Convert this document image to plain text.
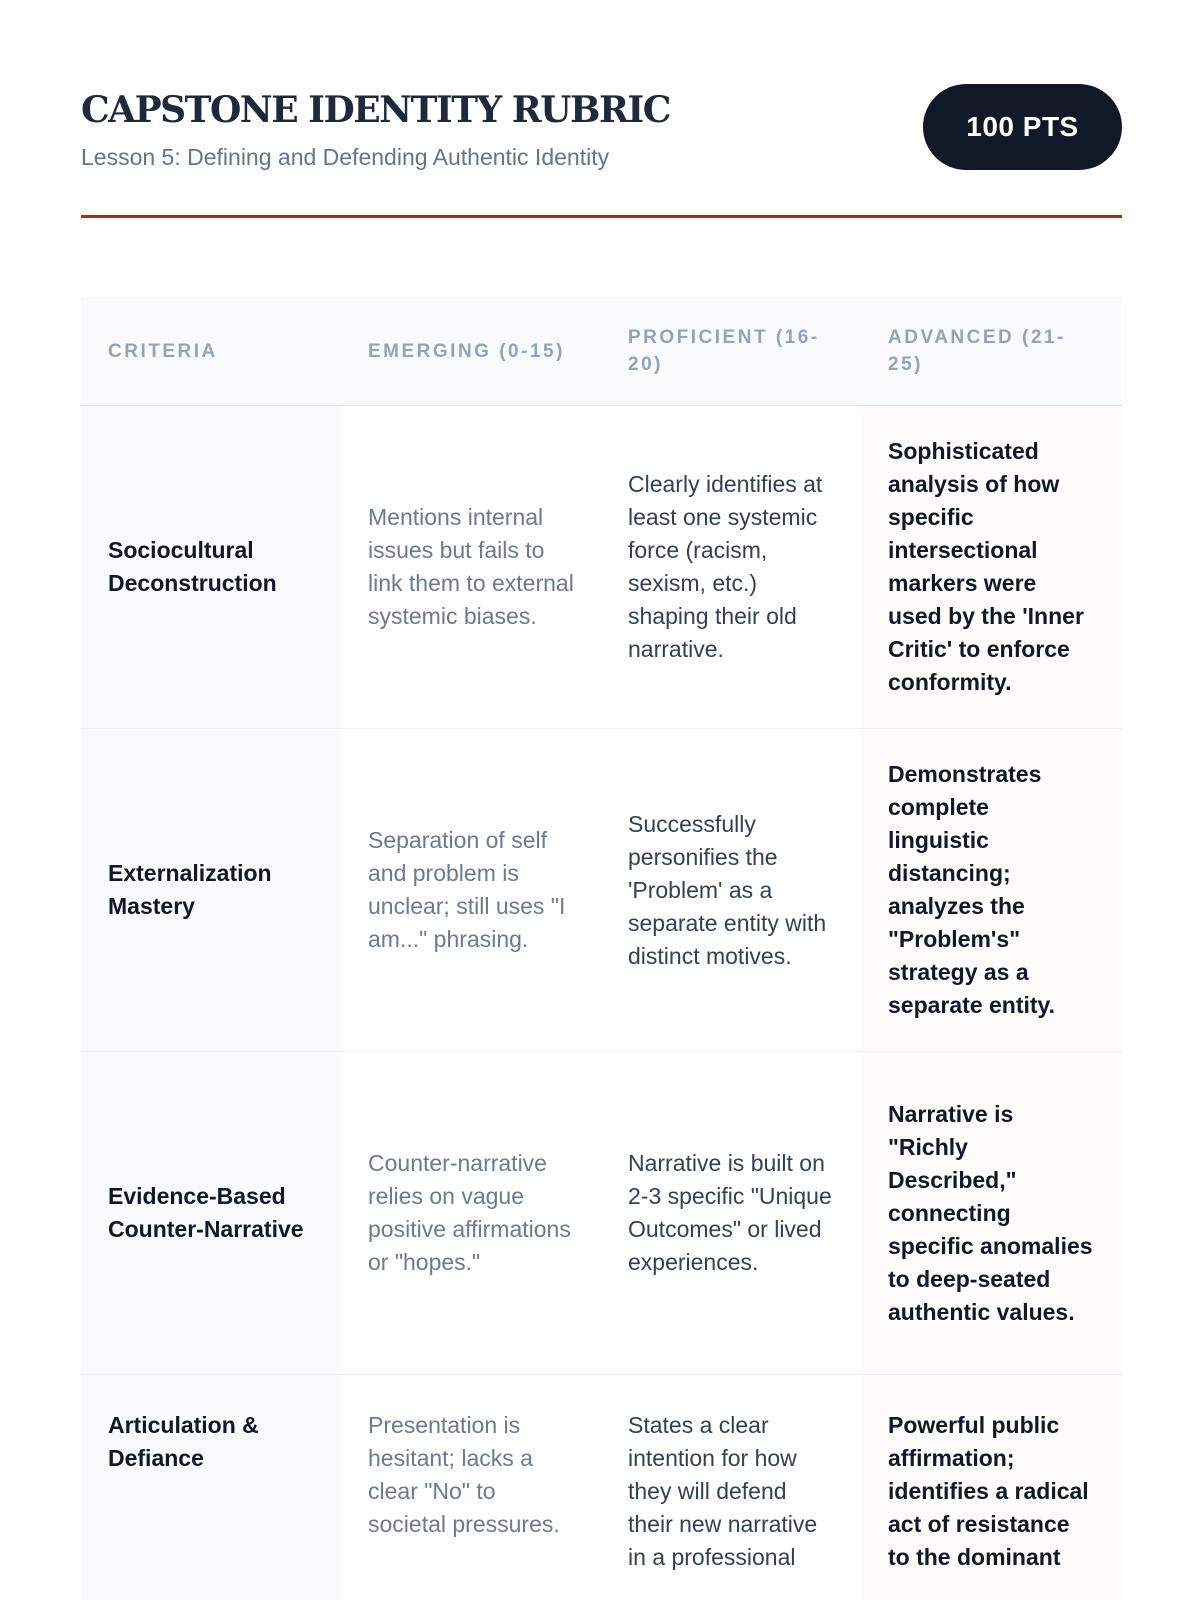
CAPSTONE IDENTITY RUBRIC
Lesson 5: Defining and Defending Authentic Identity
100 PTS
CRITERIA	EMERGING (0-15)	PROFICIENT (16-20)	ADVANCED (21-25)
Sociocultural Deconstruction	Mentions internal issues but fails to link them to external systemic biases.	Clearly identifies at least one systemic force (racism, sexism, etc.) shaping their old narrative.	Sophisticated analysis of how specific intersectional markers were used by the 'Inner Critic' to enforce conformity.
Externalization Mastery	Separation of self and problem is unclear; still uses "I am..." phrasing.	Successfully personifies the 'Problem' as a separate entity with distinct motives.	Demonstrates complete linguistic distancing; analyzes the "Problem's" strategy as a separate entity.
Evidence-Based Counter-Narrative	Counter-narrative relies on vague positive affirmations or "hopes."	Narrative is built on 2-3 specific "Unique Outcomes" or lived experiences.	Narrative is "Richly Described," connecting specific anomalies to deep-seated authentic values.
Articulation & Defiance	Presentation is hesitant; lacks a clear "No" to societal pressures.	States a clear intention for how they will defend their new narrative in a professional	Powerful public affirmation; identifies a radical act of resistance to the dominant
